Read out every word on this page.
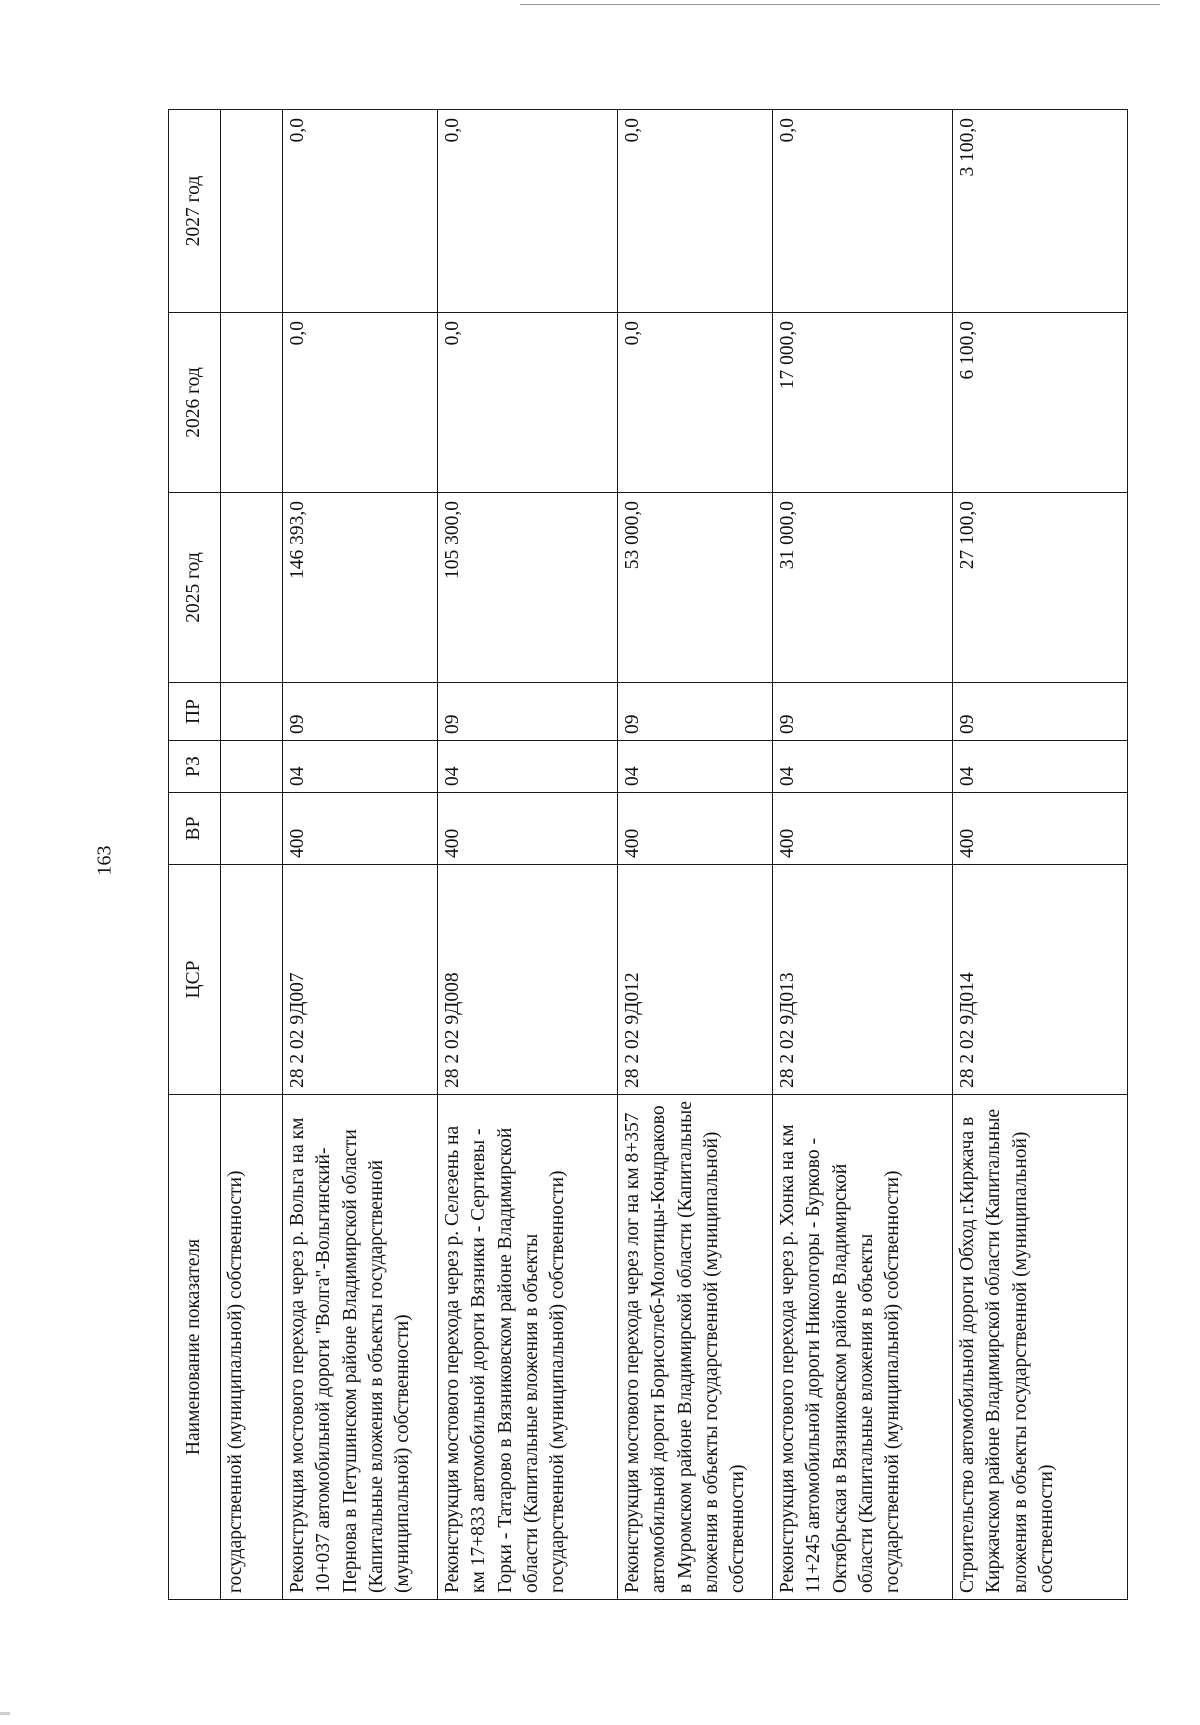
163
Наименование показателя	ЦСР	ВР	РЗ	ПР	2025 год	2026 год	2027 год
государственной (муниципальной) собственности)							
Реконструкция мостового перехода через р. Вольга на км 10+037 автомобильной дороги "Волга"-Вольгинский-Пернова в Петушинском районе Владимирской области (Капитальные вложения в объекты государственной (муниципальной) собственности)	28 2 02 9Д007	400	04	09	146 393,0	0,0	0,0
Реконструкция мостового перехода через р. Селезень на км 17+833 автомобильной дороги Вязники - Сергиевы - Горки - Татарово в Вязниковском районе Владимирской области (Капитальные вложения в объекты государственной (муниципальной) собственности)	28 2 02 9Д008	400	04	09	105 300,0	0,0	0,0
Реконструкция мостового перехода через лог на км 8+357 автомобильной дороги Борисоглеб-Молотицы-Кондраково в Муромском районе Владимирской области (Капитальные вложения в объекты государственной (муниципальной) собственности)	28 2 02 9Д012	400	04	09	53 000,0	0,0	0,0
Реконструкция мостового перехода через р. Хонка на км 11+245 автомобильной дороги Никологоры - Бурково - Октябрьская в Вязниковском районе Владимирской области (Капитальные вложения в объекты государственной (муниципальной) собственности)	28 2 02 9Д013	400	04	09	31 000,0	17 000,0	0,0
Строительство автомобильной дороги Обход г.Киржача в Киржачском районе Владимирской области (Капитальные вложения в объекты государственной (муниципальной) собственности)	28 2 02 9Д014	400	04	09	27 100,0	6 100,0	3 100,0
